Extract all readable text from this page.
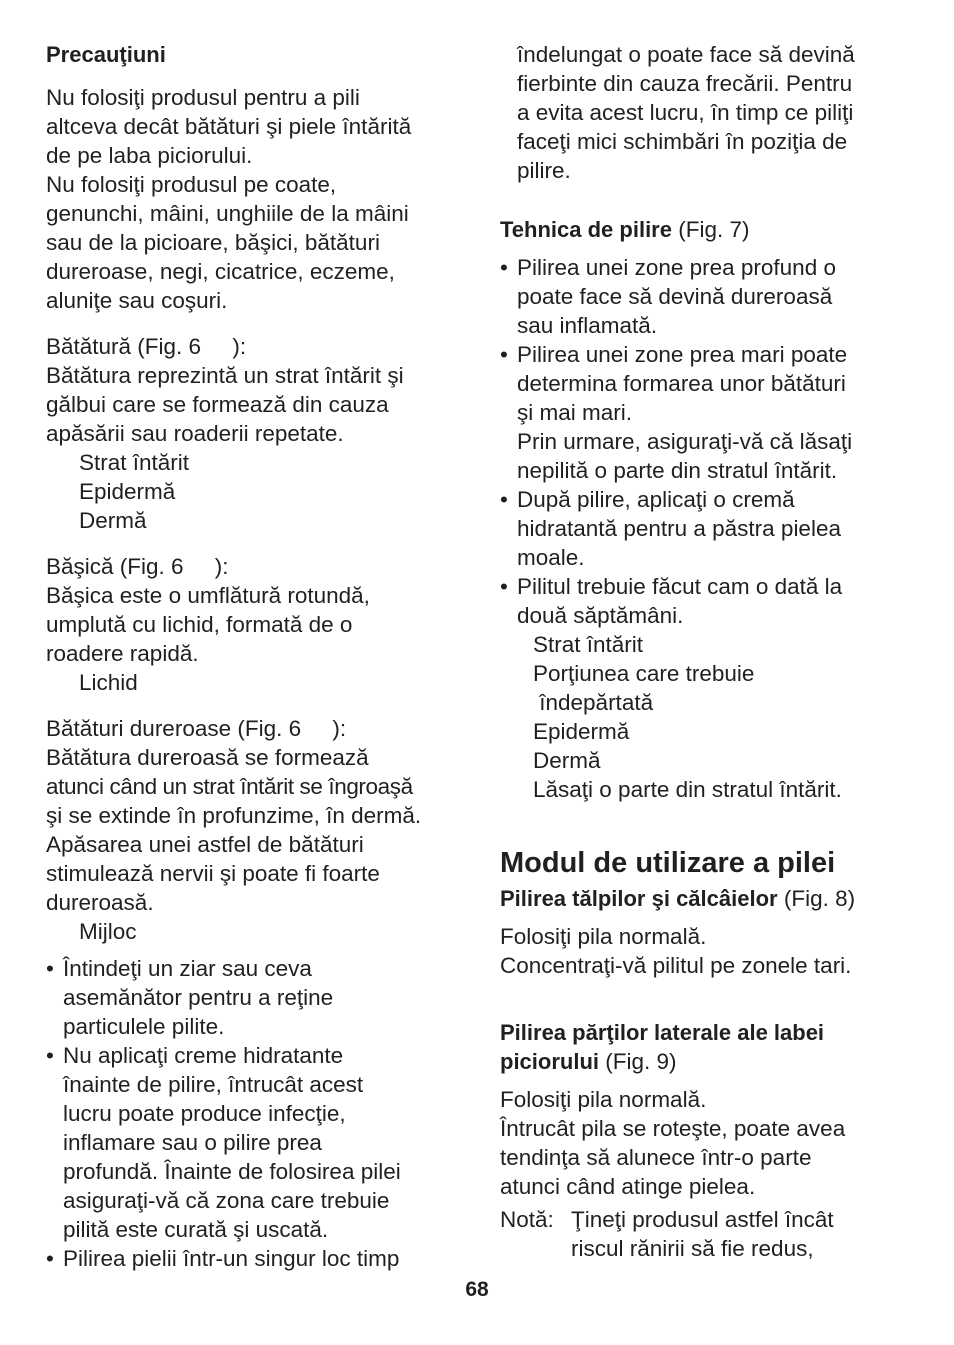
Precauţiuni
Nu folosiţi produsul pentru a pili
altceva decât bătături şi piele întărită
de pe laba piciorului.
Nu folosiţi produsul pe coate,
genunchi, mâini, unghiile de la mâini
sau de la picioare, băşici, bătături
dureroase, negi, cicatrice, eczeme,
aluniţe sau coşuri.
Bătătură (Fig. 6     ):
Bătătura reprezintă un strat întărit şi
gălbui care se formează din cauza
apăsării sau roaderii repetate.
Strat întărit
Epidermă
Dermă
Băşică (Fig. 6     ):
Băşica este o umflătură rotundă,
umplută cu lichid, formată de o
roadere rapidă.
Lichid
Bătături dureroase (Fig. 6     ):
Bătătura dureroasă se formează
atunci când un strat întărit se îngroaşă
şi se extinde în profunzime, în dermă.
Apăsarea unei astfel de bătături
stimulează nervii şi poate fi foarte
dureroasă.
Mijloc
• Întindeţi un ziar sau ceva
asemănător pentru a reţine
particulele pilite.
• Nu aplicaţi creme hidratante
înainte de pilire, întrucât acest
lucru poate produce infecţie,
inflamare sau o pilire prea
profundă. Înainte de folosirea pilei
asiguraţi-vă că zona care trebuie
pilită este curată şi uscată.
• Pilirea pielii într-un singur loc timp
îndelungat o poate face să devină
fierbinte din cauza frecării. Pentru
a evita acest lucru, în timp ce piliţi
faceţi mici schimbări în poziţia de
pilire.
Tehnica de pilire (Fig. 7)
• Pilirea unei zone prea profund o
poate face să devină dureroasă
sau inflamată.
• Pilirea unei zone prea mari poate
determina formarea unor bătături
şi mai mari.
Prin urmare, asiguraţi-vă că lăsaţi
nepilită o parte din stratul întărit.
• După pilire, aplicaţi o cremă
hidratantă pentru a păstra pielea
moale.
• Pilitul trebuie făcut cam o dată la
două săptămâni.
Strat întărit
Porţiunea care trebuie
îndepărtată
Epidermă
Dermă
Lăsaţi o parte din stratul întărit.
Modul de utilizare a pilei
Pilirea tălpilor şi călcâielor (Fig. 8)
Folosiţi pila normală.
Concentraţi-vă pilitul pe zonele tari.
Pilirea părţilor laterale ale labei
piciorului (Fig. 9)
Folosiţi pila normală.
Întrucât pila se roteşte, poate avea
tendinţa să alunece într-o parte
atunci când atinge pielea.
Notă: Ţineţi produsul astfel încât
riscul rănirii să fie redus,
68
